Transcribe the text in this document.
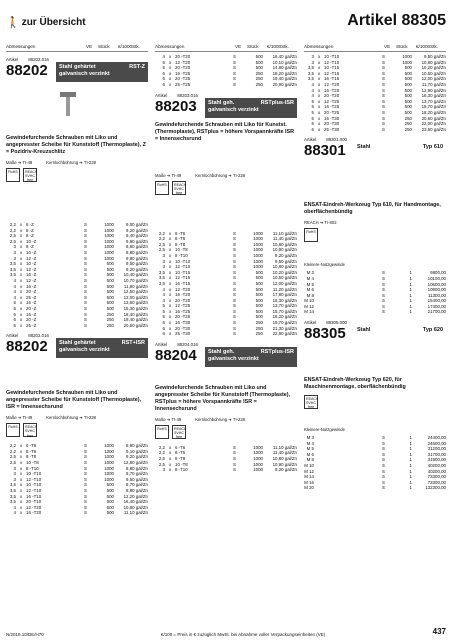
🚶 zur Übersicht	Artikel 88305
Abmessungen	VE Stück €/1000Stk.
Artikel 88202.016
88202	Stahl gehärtet	RST-Z
galvanisch verzinkt
Gewindefurchende Schrauben mit Liko und angepresster Scheibe für Kunststoff (Thermoplaste), Z = Pozidriv-Kreuzschlitz
Maße ➔ TI-49	Kernlochbohrung ➔ TI-228
RoHS	REACh SVHC free
2,2 x 6 -Z	S	1000	9,00 gal/Zn
2,2 x 8 -Z	S	1000	9,20 gal/Zn
2,5 x 8 -Z	S	1000	9,40 gal/Zn
2,5 x 10 -Z	S	1000	9,90 gal/Zn
3 x 8 -Z	S	1000	8,60 gal/Zn
3 x 10 -Z	S	1000	8,80 gal/Zn
3 x 12 -Z	S	1000	9,90 gal/Zn
3,5 x 10 -Z	S	500	9,50 gal/Zn
3,5 x 12 -Z	S	500	9,20 gal/Zn
3,5 x 16 -Z	S	500	10,40 gal/Zn
4 x 12 -Z	S	500	10,70 gal/Zn
4 x 16 -Z	S	500	11,80 gal/Zn
4 x 20 -Z	S	500	12,50 gal/Zn
4 x 25 -Z	S	500	12,00 gal/Zn
5 x 16 -Z	S	500	13,60 gal/Zn
5 x 20 -Z	S	500	15,30 gal/Zn
6 x 16 -Z	S	250	18,40 gal/Zn
6 x 20 -Z	S	250	19,40 gal/Zn
6 x 25 -Z	S	250	20,60 gal/Zn
Artikel 88202.016
88202	Stahl gehärtet	RST+ISR
galvanisch verzinkt
Gewindefurchende Schrauben mit Liko und angepresster Scheibe für Kunststoff (Thermoplaste), ISR = Innensechsrund
Maße ➔ TI-49	Kernlochbohrung ➔ TI-228
RoHS	REACh SVHC free
2,2 x 6 -T6	S	1000	8,90 gal/Zn
2,2 x 8 -T6	S	1000	9,10 gal/Zn
2,5 x 8 -T8	S	1000	9,20 gal/Zn
2,5 x 10 -T8	S	1000	12,80 gal/Zn
3 x 8 -T10	S	1000	8,80 gal/Zn
3 x 10 -T10	S	1000	8,70 gal/Zn
3 x 12 -T10	S	1000	9,50 gal/Zn
3,5 x 10 -T10	S	500	8,70 gal/Zn
3,5 x 12 -T10	S	500	8,80 gal/Zn
3,5 x 16 -T10	S	500	12,20 gal/Zn
3,5 x 20 -T10	S	500	16,40 gal/Zn
4 x 12 -T20	S	500	10,80 gal/Zn
4 x 16 -T20	S	500	11,10 gal/Zn
Abmessungen	VE Stück €/1000Stk.
4 x 20 -T20	S	500	16,40 gal/Zn
5 x 12 -T20	S	500	10,10 gal/Zn
5 x 20 -T20	S	500	14,80 gal/Zn
6 x 16 -T25	S	250	18,20 gal/Zn
6 x 20 -T25	S	250	19,40 gal/Zn
6 x 25 -T25	S	250	20,90 gal/Zn
Artikel 88203.016
88203	Stahl geh.	RSTplus-ISR
galvanisch verzinkt
Gewindefurchende Schrauben mit Liko für Kunstst. (Thermoplaste), RSTplus = höhere Vorspannkräfte ISR = Innensechsrund
Maße ➔ TI-49	Kernlochbohrung ➔ TI-228
RoHS	REACh SVHC free
2,2 x 6 -T6	S	1000	11,10 gal/Zn
2,2 x 8 -T6	S	1000	11,40 gal/Zn
2,5 x 8 -T8	S	1000	10,80 gal/Zn
2,5 x 10 -T8	S	1000	10,90 gal/Zn
3 x 8 -T10	S	1000	9,20 gal/Zn
3 x 10 -T10	S	1000	9,50 gal/Zn
3 x 12 -T10	S	1000	10,80 gal/Zn
3,5 x 10 -T15	S	500	10,20 gal/Zn
3,5 x 12 -T15	S	500	10,50 gal/Zn
3,5 x 16 -T15	S	500	12,00 gal/Zn
4 x 12 -T20	S	500	11,20 gal/Zn
4 x 16 -T20	S	500	17,90 gal/Zn
4 x 20 -T20	S	500	16,30 gal/Zn
5 x 12 -T25	S	500	13,70 gal/Zn
5 x 16 -T25	S	500	15,70 gal/Zn
5 x 20 -T25	S	500	18,20 gal/Zn
6 x 16 -T30	S	250	19,70 gal/Zn
6 x 20 -T30	S	250	21,30 gal/Zn
6 x 25 -T30	S	250	22,90 gal/Zn
Artikel 88204.016
88204	Stahl geh.	RSTplus-ISR
galvanisch verzinkt
Gewindefurchende Schrauben mit Liko und angepresster Scheibe für Kunststoff (Thermoplaste), RSTplus = höhere Vorspannkräfte ISR = Innensechsrund
Maße ➔ TI-49	Kernlochbohrung ➔ TI-228
RoHS	REACh SVHC free
2,2 x 6 -T6	S	1000	11,10 gal/Zn
2,2 x 8 -T6	S	1000	11,40 gal/Zn
2,5 x 8 -T8	S	1000	10,80 gal/Zn
2,5 x 10 -T8	S	1000	10,90 gal/Zn
3 x 8 -T10	S	1000	9,20 gal/Zn
Abmessungen	VE Stück €/1000Stk.
3 x 10 -T10	S	1000	9,50 gal/Zn
3 x 12 -T10	S	1000	10,80 gal/Zn
3,5 x 10 -T15	S	500	10,20 gal/Zn
3,5 x 12 -T15	S	500	10,50 gal/Zn
3,5 x 16 -T15	S	500	12,00 gal/Zn
4 x 12 -T20	S	500	11,70 gal/Zn
4 x 16 -T20	S	500	12,90 gal/Zn
4 x 20 -T20	S	500	16,30 gal/Zn
5 x 12 -T25	S	500	13,70 gal/Zn
5 x 16 -T25	S	500	15,70 gal/Zn
5 x 20 -T25	S	500	18,20 gal/Zn
6 x 16 -T30	S	250	20,60 gal/Zn
6 x 20 -T30	S	250	22,00 gal/Zn
6 x 25 -T30	S	250	23,50 gal/Zn
Artikel 88301.000
88301	Stahl	Typ 610
ENSAT-Eindreh-Werkzeug Typ 610, für Handmontage, oberflächenbündig
REACH ➔ TI-802
RoHS
Kleinere-Nutzgewinde
M 3	S	1	9800,00
M 4	S	1	10100,00
M 5	S	1	10600,00
M 6	S	1	10900,00
M 8	S	1	11300,00
M 10	S	1	15400,00
M 12	S	1	17400,00
M 14	S	1	21700,00
Artikel 88305.000
88305	Stahl	Typ 620
ENSAT-Eindreh-Werkzeug Typ 620, für Maschinenmontage, oberflächenbündig
REACh SVHC free
Kleinere-Nutzgewinde
M 3	S	1	24400,00
M 4	S	1	24600,00
M 5	S	1	31200,00
M 6	S	1	31700,00
M 8	S	1	31900,00
M 10	S	1	40200,00
M 12	S	1	40200,00
M 14	S	1	73300,00
M 16	S	1	73300,00
M 20	S	1	132300,00
N/2019.10/DE/H70	€/100 = Preis in € zuzüglich MwSt. bei Abnahme voller Verpackungseinheiten (VE)	437
